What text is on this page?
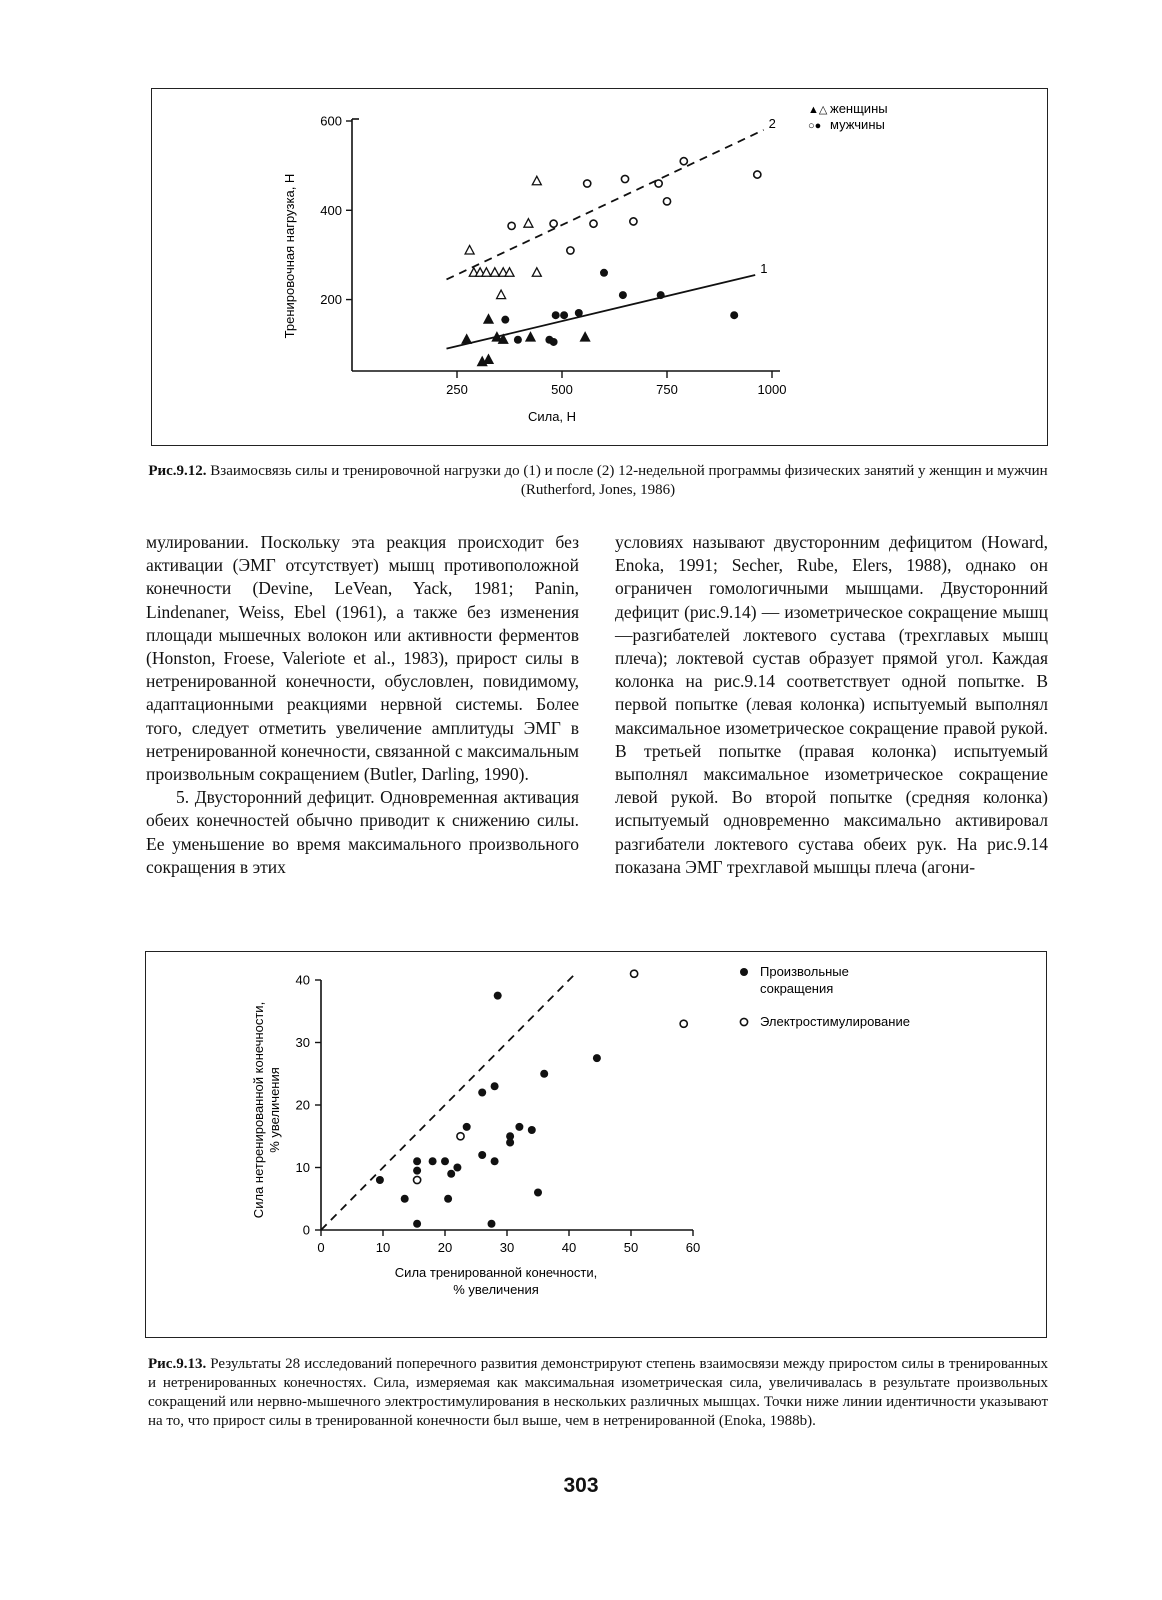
250	500	750	1000
200
400
600
Сила, Н
Тренировочная нагрузка, Н	1
2
▲△ женщины
○● мужчины
Рис.9.12. Взаимосвязь силы и тренировочной нагрузки до (1) и после (2) 12-недельной программы физических занятий у женщин и мужчин (Rutherford, Jones, 1986)

мулировании. Поскольку эта реакция происходит без активации (ЭМГ отсутствует) мышц противоположной конечности (Devine, LeVean, Yack, 1981; Panin, Lindenaner, Weiss, Ebel (1961), а также без изменения площади мышечных волокон или активности ферментов (Honston, Froese, Valeriote et al., 1983), прирост силы в нетренированной конечности, обусловлен, повидимому, адаптационными реакциями нервной системы. Более того, следует отметить увеличение амплитуды ЭМГ в нетренированной конечности, связанной с максимальным произвольным сокращением (Butler, Darling, 1990).

5. Двусторонний дефицит. Одновременная активация обеих конечностей обычно приводит к снижению силы. Ее уменьшение во время максимального произвольного сокращения в этих

условиях называют двусторонним дефицитом (Howard, Enoka, 1991; Secher, Rube, Elers, 1988), однако он ограничен гомологичными мышцами. Двусторонний дефицит (рис.9.14) — изометрическое сокращение мышц—разгибателей локтевого сустава (трехглавых мышц плеча); локтевой сустав образует прямой угол. Каждая колонка на рис.9.14 соответствует одной попытке. В первой попытке (левая колонка) испытуемый выполнял максимальное изометрическое сокращение правой рукой. В третьей попытке (правая колонка) испытуемый выполнял максимальное изометрическое сокращение левой рукой. Во второй попытке (средняя колонка) испытуемый одновременно максимально активировал разгибатели локтевого сустава обеих рук. На рис.9.14 показана ЭМГ трехглавой мышцы плеча (агони-

0	10	20	30	40	50	60
0
10
20
30
40
Сила тренированной конечности,
% увеличения
Сила нетренированной конечности, % увеличения
Произвольные
сокращения
Электростимулирование
Рис.9.13. Результаты 28 исследований поперечного развития демонстрируют степень взаимосвязи между приростом силы в тренированных и нетренированных конечностях. Сила, измеряемая как максимальная изометрическая сила, увеличивалась в результате произвольных сокращений или нервно-мышечного электростимулирования в нескольких различных мышцах. Точки ниже линии идентичности указывают на то, что прирост силы в тренированной конечности был выше, чем в нетренированной (Enoka, 1988b).
303
